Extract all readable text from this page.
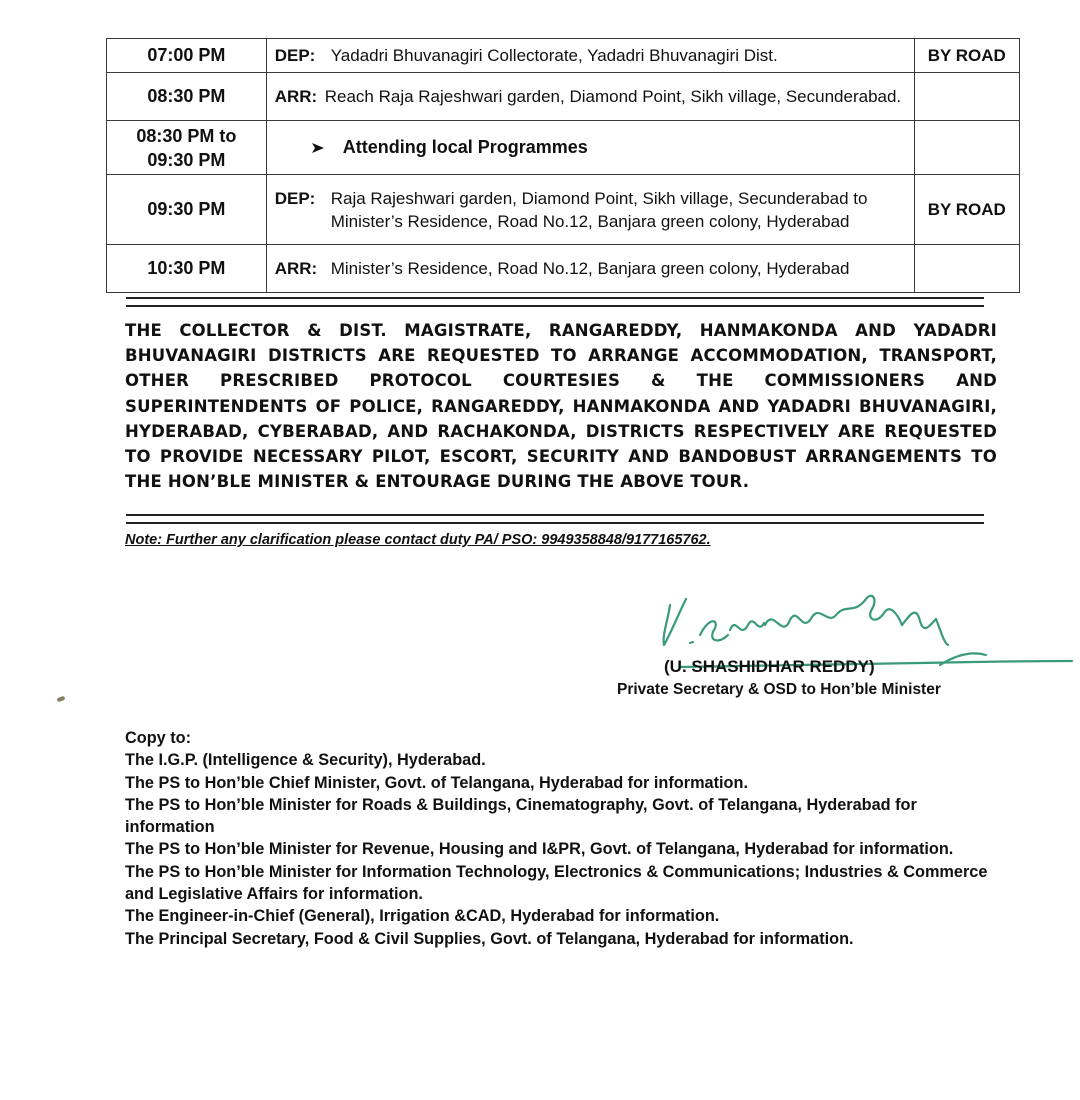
07:00 PM	DEP: Yadadri Bhuvanagiri Collectorate, Yadadri Bhuvanagiri Dist.	BY ROAD
08:30 PM	ARR: Reach Raja Rajeshwari garden, Diamond Point, Sikh village, Secunderabad.	

08:30 PM to
09:30 PM	Attending local Programmes	

09:30 PM	DEP: Raja Rajeshwari garden, Diamond Point, Sikh village, Secunderabad to Minister’s Residence, Road No.12, Banjara green colony, Hyderabad	BY ROAD
10:30 PM	ARR: Minister’s Residence, Road No.12, Banjara green colony, Hyderabad	

THE COLLECTOR & DIST. MAGISTRATE, RANGAREDDY, HANMAKONDA AND YADADRI BHUVANAGIRI DISTRICTS ARE REQUESTED TO ARRANGE ACCOMMODATION, TRANSPORT, OTHER PRESCRIBED PROTOCOL COURTESIES & THE COMMISSIONERS AND SUPERINTENDENTS OF POLICE, RANGAREDDY, HANMAKONDA AND YADADRI BHUVANAGIRI, HYDERABAD, CYBERABAD, AND RACHAKONDA, DISTRICTS RESPECTIVELY ARE REQUESTED TO PROVIDE NECESSARY PILOT, ESCORT, SECURITY AND BANDOBUST ARRANGEMENTS TO THE HON’BLE MINISTER & ENTOURAGE DURING THE ABOVE TOUR.
Note: Further any clarification please contact duty PA/ PSO: 9949358848/9177165762.
(U. SHASHIDHAR REDDY)
Private Secretary & OSD to Hon’ble Minister
Copy to:
The I.G.P. (Intelligence & Security), Hyderabad.
The PS to Hon’ble Chief Minister, Govt. of Telangana, Hyderabad for information.
The PS to Hon’ble Minister for Roads & Buildings, Cinematography, Govt. of Telangana, Hyderabad for information
The PS to Hon’ble Minister for Revenue, Housing and I&PR, Govt. of Telangana, Hyderabad for information.
The PS to Hon’ble Minister for Information Technology, Electronics & Communications; Industries & Commerce and Legislative Affairs for information.
The Engineer-in-Chief (General), Irrigation &CAD, Hyderabad for information.
The Principal Secretary, Food & Civil Supplies, Govt. of Telangana, Hyderabad for information.
